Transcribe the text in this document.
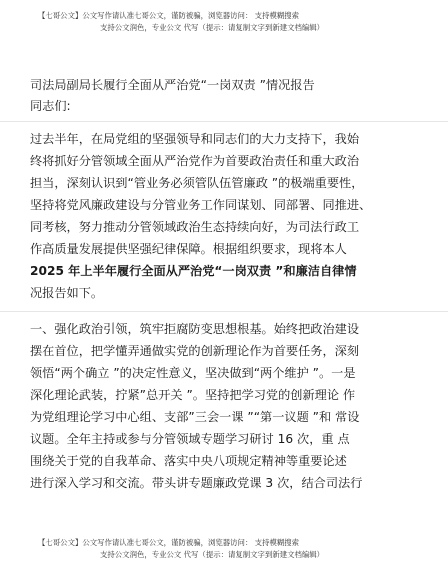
【七哥公文】公文写作请认准七哥公文，谨防被骗，浏览器访问： 支持模糊搜索
支持公文润色，专业公文 代写（提示：请复制文字到新建文档编辑）
司法局副局长履行全面从严治党“一岗双责 ”情况报告
同志们:
过去半年，在局党组的坚强领导和同志们的大力支持下，我始
终将抓好分管领域全面从严治党作为首要政治责任和重大政治
担当，深刻认识到“管业务必须管队伍管廉政 ”的极端重要性，
坚持将党风廉政建设与分管业务工作同谋划、同部署、同推进、
同考核，努力推动分管领域政治生态持续向好，为司法行政工
作高质量发展提供坚强纪律保障。根据组织要求，现将本人
2025 年上半年履行全面从严治党“一岗双责 ”和廉洁自律情
况报告如下。
一、强化政治引领，筑牢拒腐防变思想根基。始终把政治建设
摆在首位，把学懂弄通做实党的创新理论作为首要任务，深刻
领悟“两个确立 ”的决定性意义，坚决做到“两个维护 ”。一是
深化理论武装，拧紧”总开关 ”。坚持把学习党的创新理论 作
为党组理论学习中心组、支部”三会一课 ”“第一议题 ”和 常设
议题。全年主持或参与分管领域专题学习研讨 16 次，重 点
围绕关于党的自我革命、落实中央八项规定精神等重要论述
进行深入学习和交流。带头讲专题廉政党课 3 次，结合司法行
【七哥公文】公文写作请认准七哥公文，谨防被骗，浏览器访问： 支持模糊搜索
支持公文润色，专业公文 代写（提示：请复制文字到新建文档编辑）
